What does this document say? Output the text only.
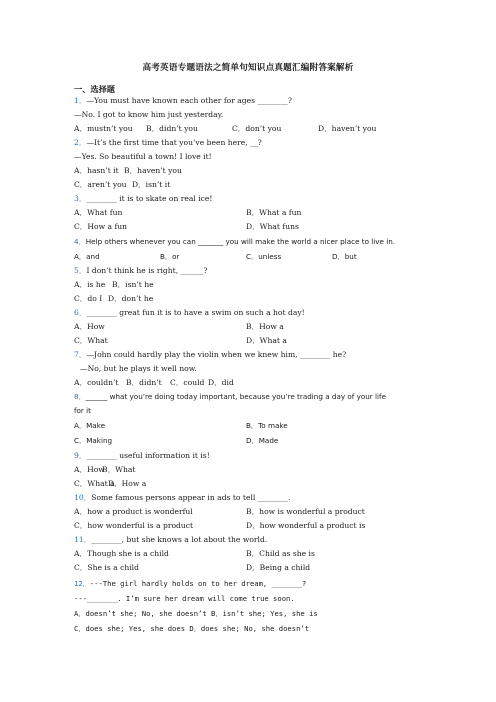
高考英语专题语法之简单句知识点真题汇编附答案解析
一、选择题
1．—You must have known each other for ages ________?
—No. I got to know him just yesterday.
A．mustn’t you B．didn’t you	C．don’t you	D．haven’t you
2．—It’s the first time that you’ve been here, __?
—Yes. So beautiful a town! I love it!
A．hasn’t it B．haven’t you
C．aren’t you D．isn’t it
3．________ it is to skate on real ice!
A．What fun	B．What a fun
C．How a fun	D．What funs
4．Help others whenever you can _______ you will make the world a nicer place to live in.
A．and	B．or	C．unless	D．but
5．I don’t think he is right, ______?
A．is he B．isn’t he
C．do I D．don’t he
6．________ great fun it is to have a swim on such a hot day!
A．How	B．How a
C．What	D．What a
7．—John could hardly play the violin when we knew him, ________ he?
—No, but he plays it well now.
A．couldn’t B．didn’t C．could D．did
8．______ what you’re doing today important, because you’re trading a day of your life
for it
A．Make	B．To make
C．Making	D．Made
9．________ useful information it is!
A．HowB．What
C．What aD．How a
10．Some famous persons appear in ads to tell ________.
A．how a product is wonderful	B．how is wonderful a product
C．how wonderful is a product	D．how wonderful a product is
11．________, but she knows a lot about the world.
A．Though she is a child	B．Child as she is
C．She is a child	D．Being a child
12．---The girl hardly holds on to her dream, _______?
---_______. I’m sure her dream will come true soon.
A．doesn’t she; No, she doesn’t B．isn’t she; Yes, she is
C．does she; Yes, she does D．does she; No, she doesn’t
